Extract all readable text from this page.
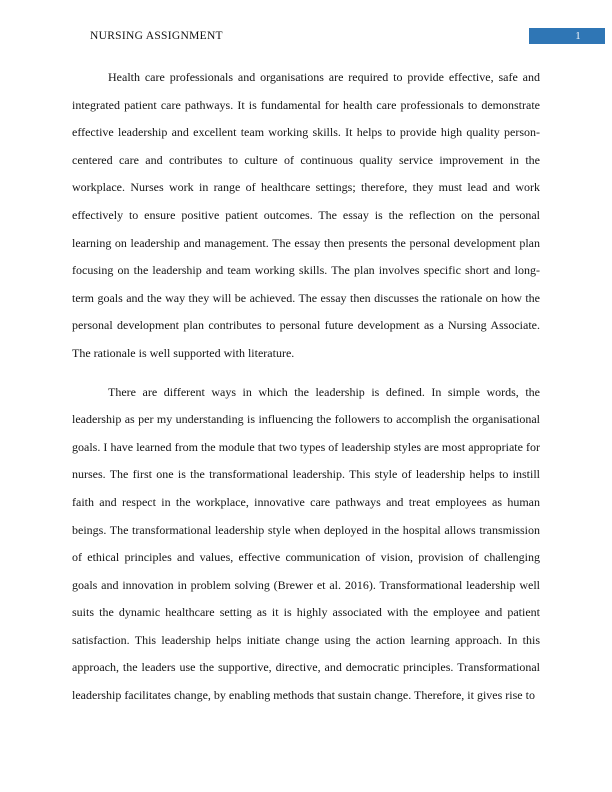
NURSING ASSIGNMENT	1

Health care professionals and organisations are required to provide effective, safe and integrated patient care pathways. It is fundamental for health care professionals to demonstrate effective leadership and excellent team working skills. It helps to provide high quality person-centered care and contributes to culture of continuous quality service improvement in the workplace. Nurses work in range of healthcare settings; therefore, they must lead and work effectively to ensure positive patient outcomes. The essay is the reflection on the personal learning on leadership and management. The essay then presents the personal development plan focusing on the leadership and team working skills. The plan involves specific short and long-term goals and the way they will be achieved. The essay then discusses the rationale on how the personal development plan contributes to personal future development as a Nursing Associate. The rationale is well supported with literature.

There are different ways in which the leadership is defined. In simple words, the leadership as per my understanding is influencing the followers to accomplish the organisational goals. I have learned from the module that two types of leadership styles are most appropriate for nurses. The first one is the transformational leadership. This style of leadership helps to instill faith and respect in the workplace, innovative care pathways and treat employees as human beings. The transformational leadership style when deployed in the hospital allows transmission of ethical principles and values, effective communication of vision, provision of challenging goals and innovation in problem solving (Brewer et al. 2016). Transformational leadership well suits the dynamic healthcare setting as it is highly associated with the employee and patient satisfaction. This leadership helps initiate change using the action learning approach. In this approach, the leaders use the supportive, directive, and democratic principles. Transformational leadership facilitates change, by enabling methods that sustain change. Therefore, it gives rise to
